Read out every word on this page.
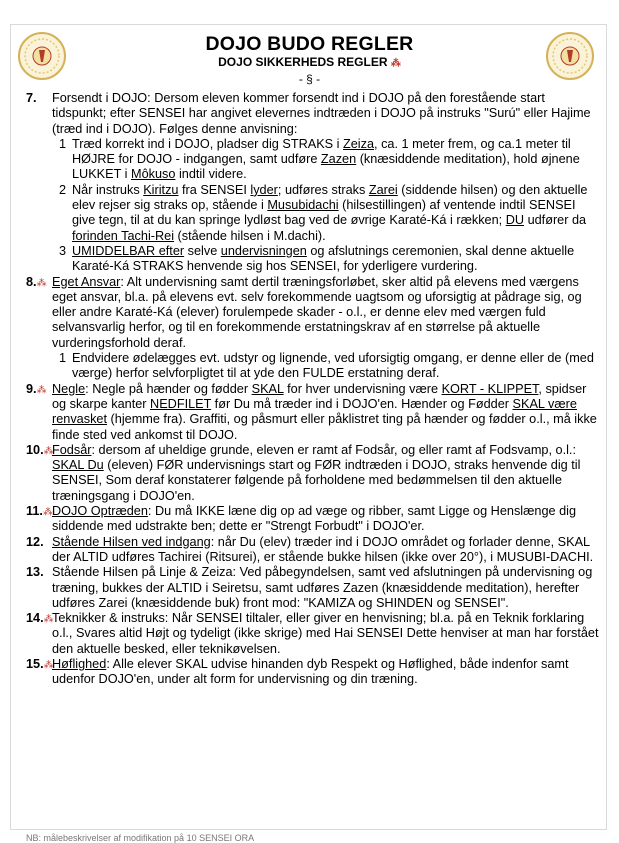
DOJO BUDO REGLER
DOJO SIKKERHEDS REGLER ⁂
- § -
7.	Forsendt i DOJO: Dersom eleven kommer forsendt ind i DOJO på den forestående start tidspunkt; efter SENSEI har angivet elevernes indtræden i DOJO på instruks "Surú" eller Hajime (træd ind i DOJO). Følges denne anvisning:
1 Træd korrekt ind i DOJO, pladser dig STRAKS i Zeiza, ca. 1 meter frem, og ca.1 meter til HØJRE for DOJO - indgangen, samt udføre Zazen (knæsiddende meditation), hold øjnene LUKKET i Môkuso indtil videre.
2 Når instruks Kiritzu fra SENSEI lyder; udføres straks Zarei (siddende hilsen) og den aktuelle elev rejser sig straks op, stående i Musubidachi (hilsestillingen) af ventende indtil SENSEI give tegn, til at du kan springe lydløst bag ved de øvrige Karaté-Ká i rækken; DU udfører da forinden Tachi-Rei (stående hilsen i M.dachi).
3 UMIDDELBAR efter selve undervisningen og afslutnings ceremonien, skal denne aktuelle Karaté-Ká STRAKS henvende sig hos SENSEI, for yderligere vurdering.
8.⁂ Eget Ansvar: Alt undervisning samt dertil træningsforløbet, sker altid på elevens med værgens eget ansvar, bl.a. på elevens evt. selv forekommende uagtsom og uforsigtig at pådrage sig, og eller andre Karaté-Ká (elever) forulempede skader - o.l., er denne elev med værgen fuld selvansvarlig herfor, og til en forekommende erstatningskrav af en størrelse på aktuelle vurderingsforhold deraf.
1 Endvidere ødelægges evt. udstyr og lignende, ved uforsigtig omgang, er denne eller de (med værge) herfor selvforpligtet til at yde den FULDE erstatning deraf.
9.⁂ Negle: Negle på hænder og fødder SKAL for hver undervisning være KORT - KLIPPET, spidser og skarpe kanter NEDFILET før Du må træder ind i DOJO'en. Hænder og Fødder SKAL være renvasket (hjemme fra). Graffiti, og påsmurt eller påklistret ting på hænder og fødder o.l., må ikke finde sted ved ankomst til DOJO.
10.⁂
Fodsår: dersom af uheldige grunde, eleven er ramt af Fodsår, og eller ramt af Fodsvamp, o.l.: SKAL Du (eleven) FØR undervisnings start og FØR indtræden i DOJO, straks henvende dig til SENSEI, Som deraf konstaterer følgende på forholdene med bedømmelsen til den aktuelle træningsgang i DOJO'en.
11.⁂ DOJO Optræden: Du må IKKE læne dig op ad væge og ribber, samt Ligge og Henslænge dig siddende med udstrakte ben; dette er "Strengt Forbudt" i DOJO'er.
12. Stående Hilsen ved indgang: når Du (elev) træder ind i DOJO området og forlader denne, SKAL der ALTID udføres Tachirei (Ritsurei), er stående bukke hilsen (ikke over 20°), i MUSUBI-DACHI.
13. Stående Hilsen på Linje & Zeiza: Ved påbegyndelsen, samt ved afslutningen på undervisning og træning, bukkes der ALTID i Seiretsu, samt udføres Zazen (knæsiddende meditation), herefter udføres Zarei (knæsiddende buk) front mod: "KAMIZA og SHINDEN og SENSEI".
14.⁂
Teknikker & instruks: Når SENSEI tiltaler, eller giver en henvisning; bl.a. på en Teknik forklaring o.l., Svares altid Højt og tydeligt (ikke skrige) med Hai SENSEI Dette henviser at man har forstået den aktuelle besked, eller teknikøvelsen.
15.⁂
Høflighed: Alle elever SKAL udvise hinanden dyb Respekt og Høflighed, både indenfor samt udenfor DOJO'en, under alt form for undervisning og din træning.
NB: målebeskrivelser af modifikation på 10 SENSEI ORA
